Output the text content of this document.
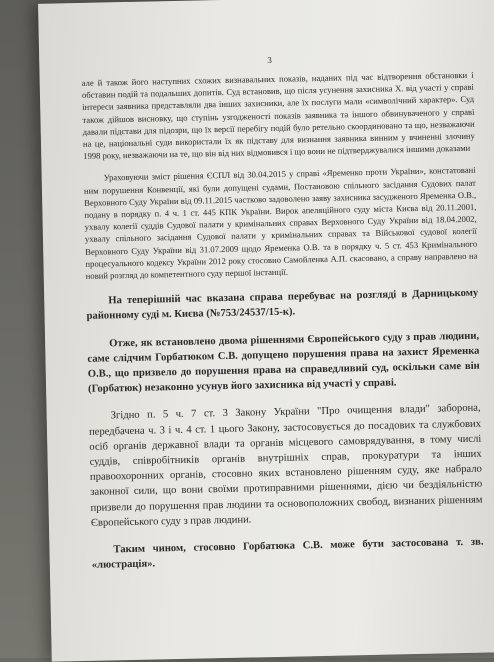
3

але й також його наступних схожих визнавальних показів, наданих під час відтворення обстановки і обставин подій та подальших допитів. Суд встановив, що після усунення захисника Х. від участі у справі інтереси заявника представляли два інших захисники, але їх послуги мали «символічний характер». Суд також дійшов висновку, що ступінь узгодженості показів заявника та іншого обвинуваченого у справі давали підстави для підозри, що їх версії перебігу подій було ретельно скоординовано та що, незважаючи на це, національні суди використали їх як підставу для визнання заявника винним у вчиненні злочину 1998 року, незважаючи на те, що він від них відмовився і що вони не підтверджувалися іншими доказами

Ураховуючи зміст рішення ЄСПЛ від 30.04.2015 у справі «Яременко проти України», констатовані ним порушення Конвенції, які були допущені судами, Постановою спільного засідання Судових палат Верховного Суду України від 09.11.2015 частково задоволено заяву захисника засудженого Яременка О.В., подану в порядку п. 4 ч. 1 ст. 445 КПК України. Вирок апеляційного суду міста Києва від 20.11.2001, ухвалу колегії суддів Судової палати у кримінальних справах Верховного Суду України від 18.04.2002, ухвалу спільного засідання Судової палати у кримінальних справах та Військової судової колегії Верховного Суду України від 31.07.2009 щодо Яременка О.В. та в порядку ч. 5 ст. 453 Кримінального процесуального кодексу України 2012 року стосовно Самойленка А.П. скасовано, а справу направлено на новий розгляд до компетентного суду першої інстанції.

На теперішній час вказана справа перебуває на розгляді в Дарницькому районному суді м. Києва (№753/24537/15-к).

Отже, як встановлено двома рішеннями Європейського суду з прав людини, саме слідчим Горбатюком С.В. допущено порушення права на захист Яременка О.В., що призвело до порушення права на справедливий суд, оскільки саме він (Горбатюк) незаконно усунув його захисника від участі у справі.

Згідно п. 5 ч. 7 ст. 3 Закону України "Про очищення влади" заборона, передбачена ч. 3 і ч. 4 ст. 1 цього Закону, застосовується до посадових та службових осіб органів державної влади та органів місцевого самоврядування, в тому числі суддів, співробітників органів внутрішніх справ, прокуратури та інших правоохоронних органів, стосовно яких встановлено рішенням суду, яке набрало законної сили, що вони своїми протиправними рішеннями, дією чи бездіяльністю призвели до порушення прав людини та основоположних свобод, визнаних рішенням Європейського суду з прав людини.

Таким чином, стосовно Горбатюка С.В. може бути застосована т. зв. «люстрація».
